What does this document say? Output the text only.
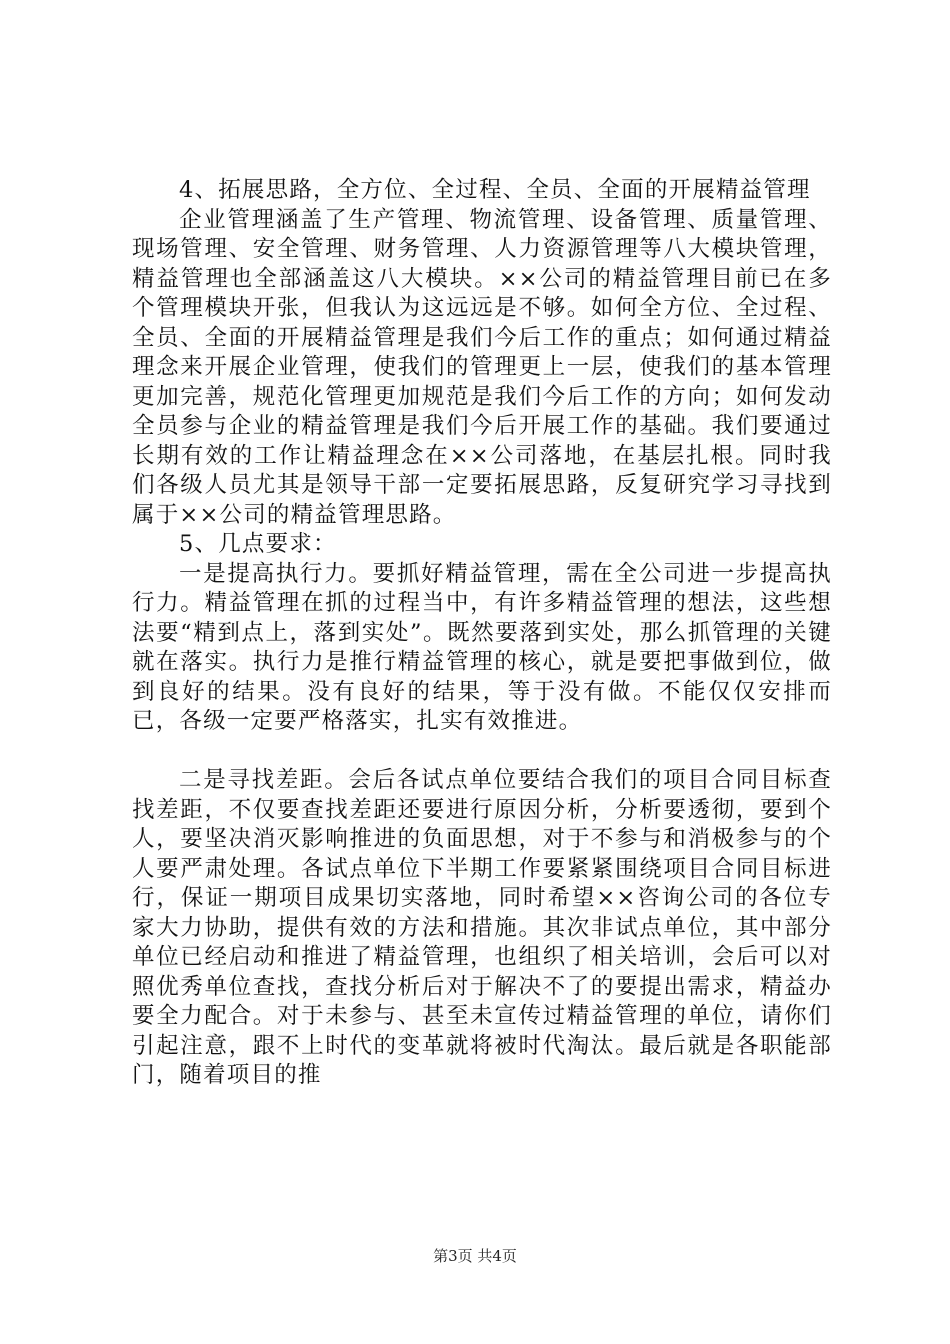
4、拓展思路，全方位、全过程、全员、全面的开展精益管理

企业管理涵盖了生产管理、物流管理、设备管理、质量管理、现场管理、安全管理、财务管理、人力资源管理等八大模块管理，精益管理也全部涵盖这八大模块。××公司的精益管理目前已在多个管理模块开张，但我认为这远远是不够。如何全方位、全过程、全员、全面的开展精益管理是我们今后工作的重点；如何通过精益理念来开展企业管理，使我们的管理更上一层，使我们的基本管理更加完善，规范化管理更加规范是我们今后工作的方向；如何发动全员参与企业的精益管理是我们今后开展工作的基础。我们要通过长期有效的工作让精益理念在××公司落地，在基层扎根。同时我们各级人员尤其是领导干部一定要拓展思路，反复研究学习寻找到属于××公司的精益管理思路。

5、几点要求：

一是提高执行力。要抓好精益管理，需在全公司进一步提高执行力。精益管理在抓的过程当中，有许多精益管理的想法，这些想法要“精到点上，落到实处”。既然要落到实处，那么抓管理的关键就在落实。执行力是推行精益管理的核心，就是要把事做到位，做到良好的结果。没有良好的结果，等于没有做。不能仅仅安排而已，各级一定要严格落实，扎实有效推进。

二是寻找差距。会后各试点单位要结合我们的项目合同目标查找差距，不仅要查找差距还要进行原因分析，分析要透彻，要到个人，要坚决消灭影响推进的负面思想，对于不参与和消极参与的个人要严肃处理。各试点单位下半期工作要紧紧围绕项目合同目标进行，保证一期项目成果切实落地，同时希望××咨询公司的各位专家大力协助，提供有效的方法和措施。其次非试点单位，其中部分单位已经启动和推进了精益管理，也组织了相关培训，会后可以对照优秀单位查找，查找分析后对于解决不了的要提出需求，精益办要全力配合。对于未参与、甚至未宣传过精益管理的单位，请你们引起注意，跟不上时代的变革就将被时代淘汰。最后就是各职能部门，随着项目的推

第3页 共4页
